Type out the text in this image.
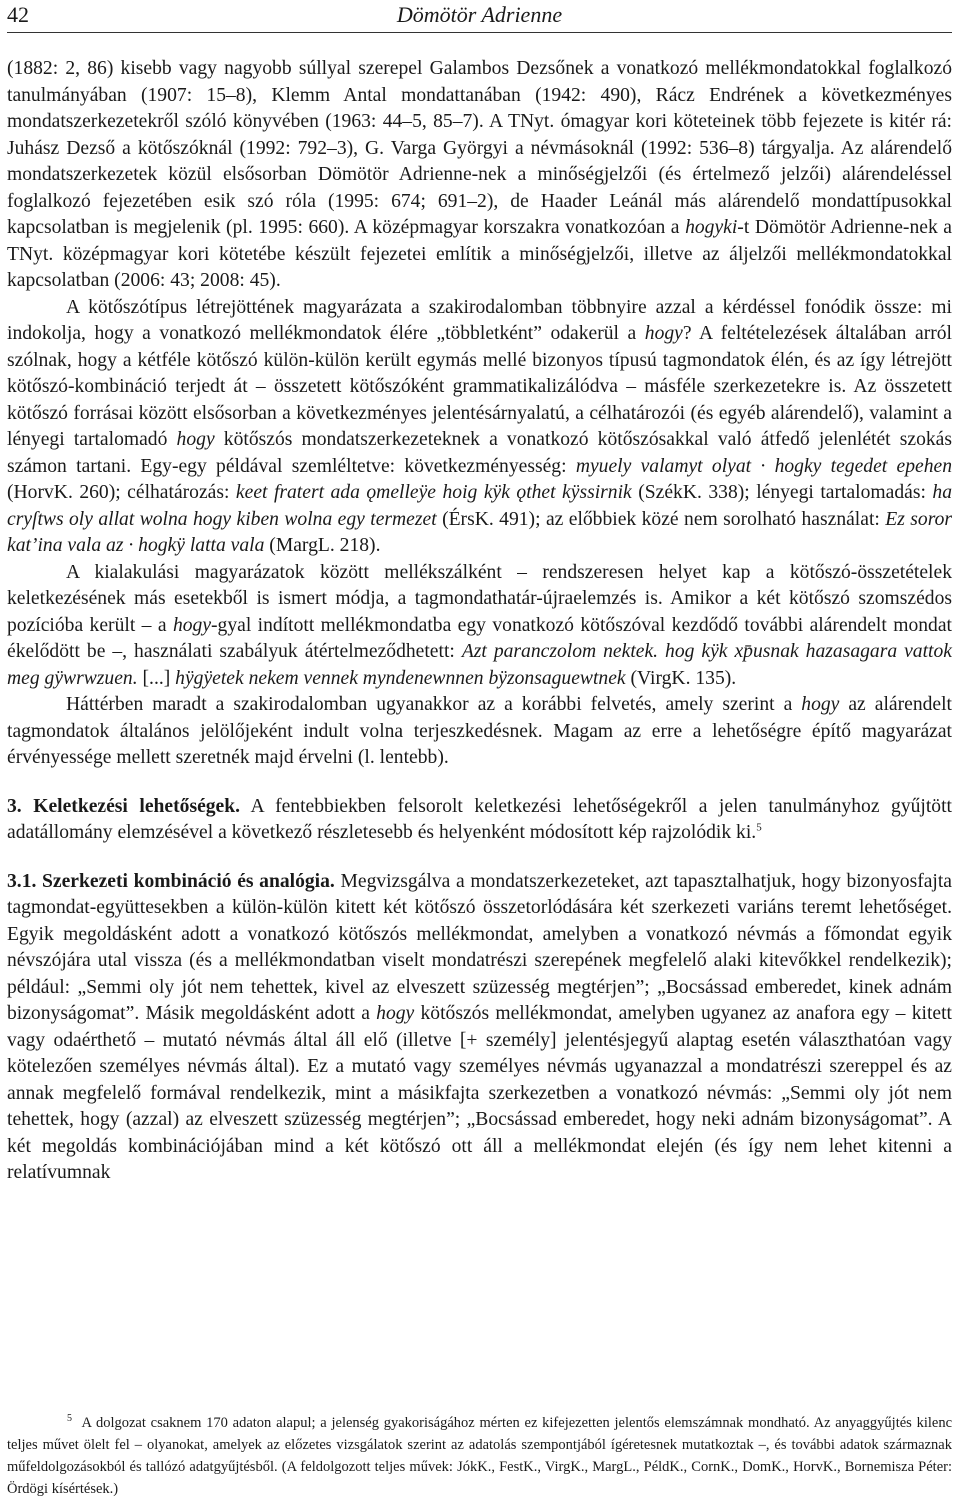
42	Dömötör Adrienne

(1882: 2, 86) kisebb vagy nagyobb súllyal szerepel Galambos Dezsőnek a vonatkozó mellékmondatokkal foglalkozó tanulmányában (1907: 15–8), Klemm Antal mondattanában (1942: 490), Rácz Endrének a következményes mondatszerkezetekről szóló könyvében (1963: 44–5, 85–7). A TNyt. ómagyar kori köteteinek több fejezete is kitér rá: Juhász Dezső a kötőszóknál (1992: 792–3), G. Varga Györgyi a névmásoknál (1992: 536–8) tárgyalja. Az alárendelő mondatszerkezetek közül elsősorban Dömötör Adrienne-nek a minőségjelzői (és értelmező jelzői) alárendeléssel foglalkozó fejezetében esik szó róla (1995: 674; 691–2), de Haader Leánál más alárendelő mondattípusokkal kapcsolatban is megjelenik (pl. 1995: 660). A középmagyar korszakra vonatkozóan a hogyki-t Dömötör Adrienne-nek a TNyt. középmagyar kori kötetébe készült fejezetei említik a minőségjelzői, illetve az áljelzői mellékmondatokkal kapcsolatban (2006: 43; 2008: 45).

A kötőszótípus létrejöttének magyarázata a szakirodalomban többnyire azzal a kérdéssel fonódik össze: mi indokolja, hogy a vonatkozó mellékmondatok élére „többletként” odakerül a hogy? A feltételezések általában arról szólnak, hogy a kétféle kötőszó külön-külön került egymás mellé bizonyos típusú tagmondatok élén, és az így létrejött kötőszó-kombináció terjedt át – összetett kötőszóként grammatikalizálódva – másféle szerkezetekre is. Az összetett kötőszó forrásai között elsősorban a következményes jelentésárnyalatú, a célhatározói (és egyéb alárendelő), valamint a lényegi tartalomadó hogy kötőszós mondatszerkezeteknek a vonatkozó kötőszósakkal való átfedő jelenlétét szokás számon tartani. Egy-egy példával szemléltetve: következményesség: myuely valamyt olyat · hogky tegedet epehen (HorvK. 260); célhatározás: keet fratert ada ǫmelleÿe hoig kÿk ǫthet kÿssirnik (SzékK. 338); lényegi tartalomadás: ha cryſtws oly allat wolna hogy kiben wolna egy termezet (ÉrsK. 491); az előbbiek közé nem sorolható használat: Ez soror kat’ina vala az · hogkÿ latta vala (MargL. 218).

A kialakulási magyarázatok között mellékszálként – rendszeresen helyet kap a kötőszó-összetételek keletkezésének más esetekből is ismert módja, a tagmondathatár-újraelemzés is. Amikor a két kötőszó szomszédos pozícióba került – a hogy-gyal indított mellékmondatba egy vonatkozó kötőszóval kezdődő további alárendelt mondat ékelődött be –, használati szabályuk átértelmeződhetett: Azt paranczolom nektek. hog kÿk xp̄usnak hazasagara vattok meg gÿwrwzuen. [...] hÿgÿetek nekem vennek myndenewnnen bÿzonsaguewtnek (VirgK. 135).

Háttérben maradt a szakirodalomban ugyanakkor az a korábbi felvetés, amely szerint a hogy az alárendelt tagmondatok általános jelölőjeként indult volna terjeszkedésnek. Magam az erre a lehetőségre építő magyarázat érvényessége mellett szeretnék majd érvelni (l. lentebb).

3. Keletkezési lehetőségek. A fentebbiekben felsorolt keletkezési lehetőségekről a jelen tanulmányhoz gyűjtött adatállomány elemzésével a következő részletesebb és helyenként módosított kép rajzolódik ki.$^5$

3.1. Szerkezeti kombináció és analógia. Megvizsgálva a mondatszerkezeteket, azt tapasztalhatjuk, hogy bizonyosfajta tagmondat-együttesekben a külön-külön kitett két kötőszó összetorlódására két szerkezeti variáns teremt lehetőséget. Egyik megoldásként adott a vonatkozó kötőszós mellékmondat, amelyben a vonatkozó névmás a főmondat egyik névszójára utal vissza (és a mellékmondatban viselt mondatrészi szerepének megfelelő alaki kitevőkkel rendelkezik); például: „Semmi oly jót nem tehettek, kivel az elveszett szüzesség megtérjen”; „Bocsássad emberedet, kinek adnám bizonyságomat”. Másik megoldásként adott a hogy kötőszós mellékmondat, amelyben ugyanez az anafora egy – kitett vagy odaérthető – mutató névmás által áll elő (illetve [+ személy] jelentésjegyű alaptag esetén választhatóan vagy kötelezően személyes névmás által). Ez a mutató vagy személyes névmás ugyanazzal a mondatrészi szereppel és az annak megfelelő formával rendelkezik, mint a másikfajta szerkezetben a vonatkozó névmás: „Semmi oly jót nem tehettek, hogy (azzal) az elveszett szüzesség megtérjen”; „Bocsássad emberedet, hogy neki adnám bizonyságomat”. A két megoldás kombinációjában mind a két kötőszó ott áll a mellékmondat elején (és így nem lehet kitenni a relatívumnak

$^5$ A dolgozat csaknem 170 adaton alapul; a jelenség gyakoriságához mérten ez kifejezetten jelentős elemszámnak mondható. Az anyaggyűjtés kilenc teljes művet ölelt fel – olyanokat, amelyek az előzetes vizsgálatok szerint az adatolás szempontjából ígéretesnek mutatkoztak –, és további adatok származnak műfeldolgozásokból és tallózó adatgyűjtésből. (A feldolgozott teljes művek: JókK., FestK., VirgK., MargL., PéldK., CornK., DomK., HorvK., Bornemisza Péter: Ördögi kísértések.)
